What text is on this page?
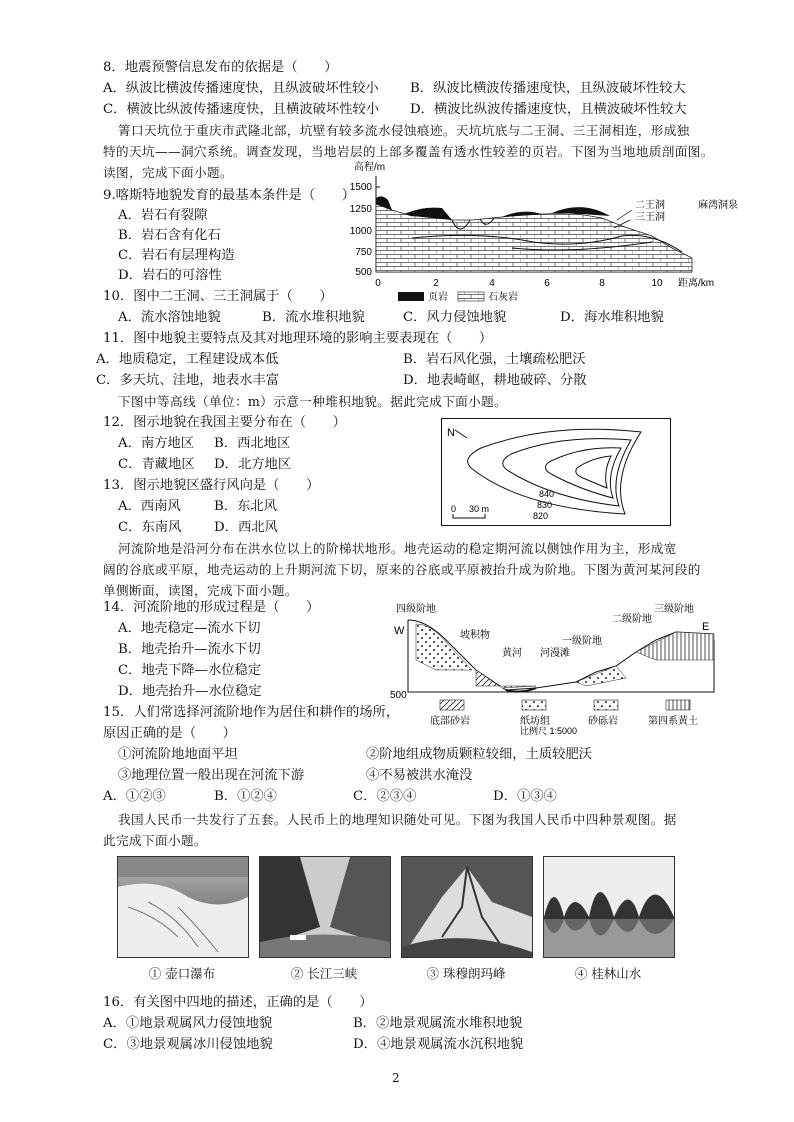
8．地震预警信息发布的依据是（　　）
A．纵波比横波传播速度快，且纵波破坏性较小 B．纵波比横波传播速度快，且纵波破坏性较大
C．横波比纵波传播速度快，且横波破坏性较小 D．横波比纵波传播速度快，且横波破坏性较大
箐口天坑位于重庆市武隆北部，坑壁有较多流水侵蚀痕迹。天坑坑底与二王洞、三王洞相连，形成独
特的天坑——洞穴系统。调查发现，当地岩层的上部多覆盖有透水性较差的页岩。下图为当地地质剖面图。
读图，完成下面小题。
9.喀斯特地貌发育的最基本条件是（　　）
A．岩石有裂隙
B．岩石含有化石
C．岩石有层理构造
D．岩石的可溶性
高程/m
1500
1250
1000
750
500
二王洞
三王洞
麻湾洞泉
0	2	4	6	8	10 距离/km
页岩	石灰岩
10．图中二王洞、三王洞属于（　　）
A．流水溶蚀地貌	B．流水堆积地貌	C．风力侵蚀地貌	D．海水堆积地貌
11．图中地貌主要特点及其对地理环境的影响主要表现在（　　）
A．地质稳定，工程建设成本低	B．岩石风化强，土壤疏松肥沃
C．多天坑、洼地，地表水丰富	D．地表崎岖，耕地破碎、分散
下图中等高线（单位：m）示意一种堆积地貌。据此完成下面小题。
12．图示地貌在我国主要分布在（　　）
A．南方地区 B．西北地区
C．青藏地区 D．北方地区
13．图示地貌区盛行风向是（　　）
A．西南风 B．东北风
C．东南风 D．西北风
N
840
830
820
0 30 m
河流阶地是沿河分布在洪水位以上的阶梯状地形。地壳运动的稳定期河流以侧蚀作用为主，形成宽
阔的谷底或平原，地壳运动的上升期河流下切，原来的谷底或平原被抬升成为阶地。下图为黄河某河段的
单侧断面，读图，完成下面小题。
14．河流阶地的形成过程是（　　）
A．地壳稳定—流水下切
B．地壳抬升—流水下切
C．地壳下降—水位稳定
D．地壳抬升—水位稳定
四级阶地
W	E
坡积物
黄河 河漫滩
一级阶地
二级阶地
三级阶地
500
底部砂岩	纸坊组
比例尺 1:5000
砂砾岩	第四系黄土
15．人们常选择河流阶地作为居住和耕作的场所，
原因正确的是（　　）
①河流阶地地面平坦	②阶地组成物质颗粒较细，土质较肥沃
③地理位置一般出现在河流下游	④不易被洪水淹没
A．①②③	B．①②④	C．②③④	D．①③④
我国人民币一共发行了五套。人民币上的地理知识随处可见。下图为我国人民币中四种景观图。据
此完成下面小题。
① 壶口瀑布	② 长江三峡	③ 珠穆朗玛峰	④ 桂林山水
16．有关图中四地的描述，正确的是（　　）
A．①地景观属风力侵蚀地貌	B．②地景观属流水堆积地貌
C．③地景观属冰川侵蚀地貌	D．④地景观属流水沉积地貌
2
